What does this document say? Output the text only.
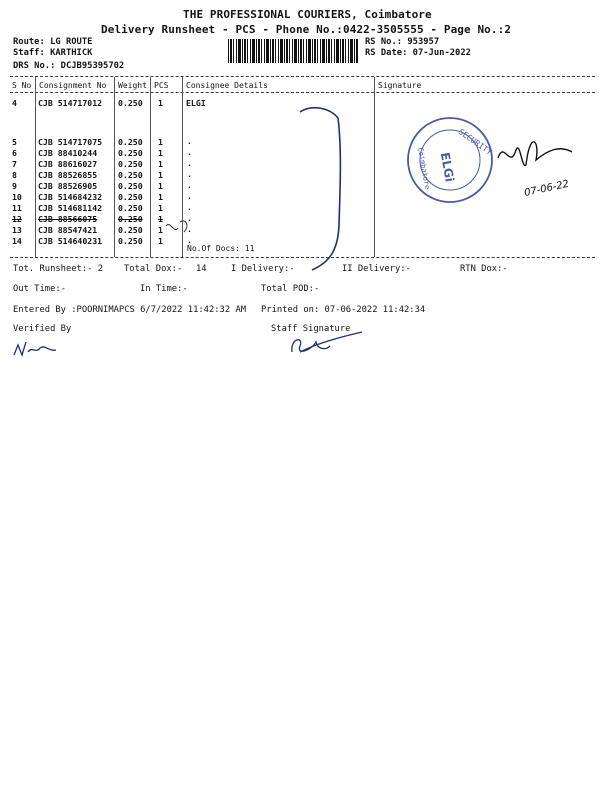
THE PROFESSIONAL COURIERS, Coimbatore
Delivery Runsheet - PCS - Phone No.:0422-3505555 - Page No.:2
Route: LG ROUTE
Staff: KARTHICK
DRS No.: DCJB95395702
RS No.: 953957
RS Date: 07-Jun-2022
S No Consignment No Weight PCS Consignee Details	Signature
4	CJB 514717012 0.250 1	ELGI
5	CJB 514717075 0.250 1	.
6	CJB 88410244	0.250 1	.
7	CJB 88616027	0.250 1	.
8	CJB 88526855	0.250 1	.
9	CJB 88526905	0.250 1	.
10 CJB 514684232 0.250 1	.
11 CJB 514681142 0.250 1	.
12 CJB 88566075	0.250 1	.
13 CJB 88547421	0.250 1	.
14 CJB 514640231 0.250 1	.
No.Of Docs: 11
Tot. Runsheet:- 2 Total Dox:- 14	I Delivery:-	II Delivery:-	RTN Dox:-
Out Time:-	In Time:-	Total POD:-
Entered By :POORNIMAPCS 6/7/2022 11:42:32 AM Printed on: 07-06-2022 11:42:34
Verified By	Staff Signature
SECURITY
Coimbatore ELGi
07-06-22
